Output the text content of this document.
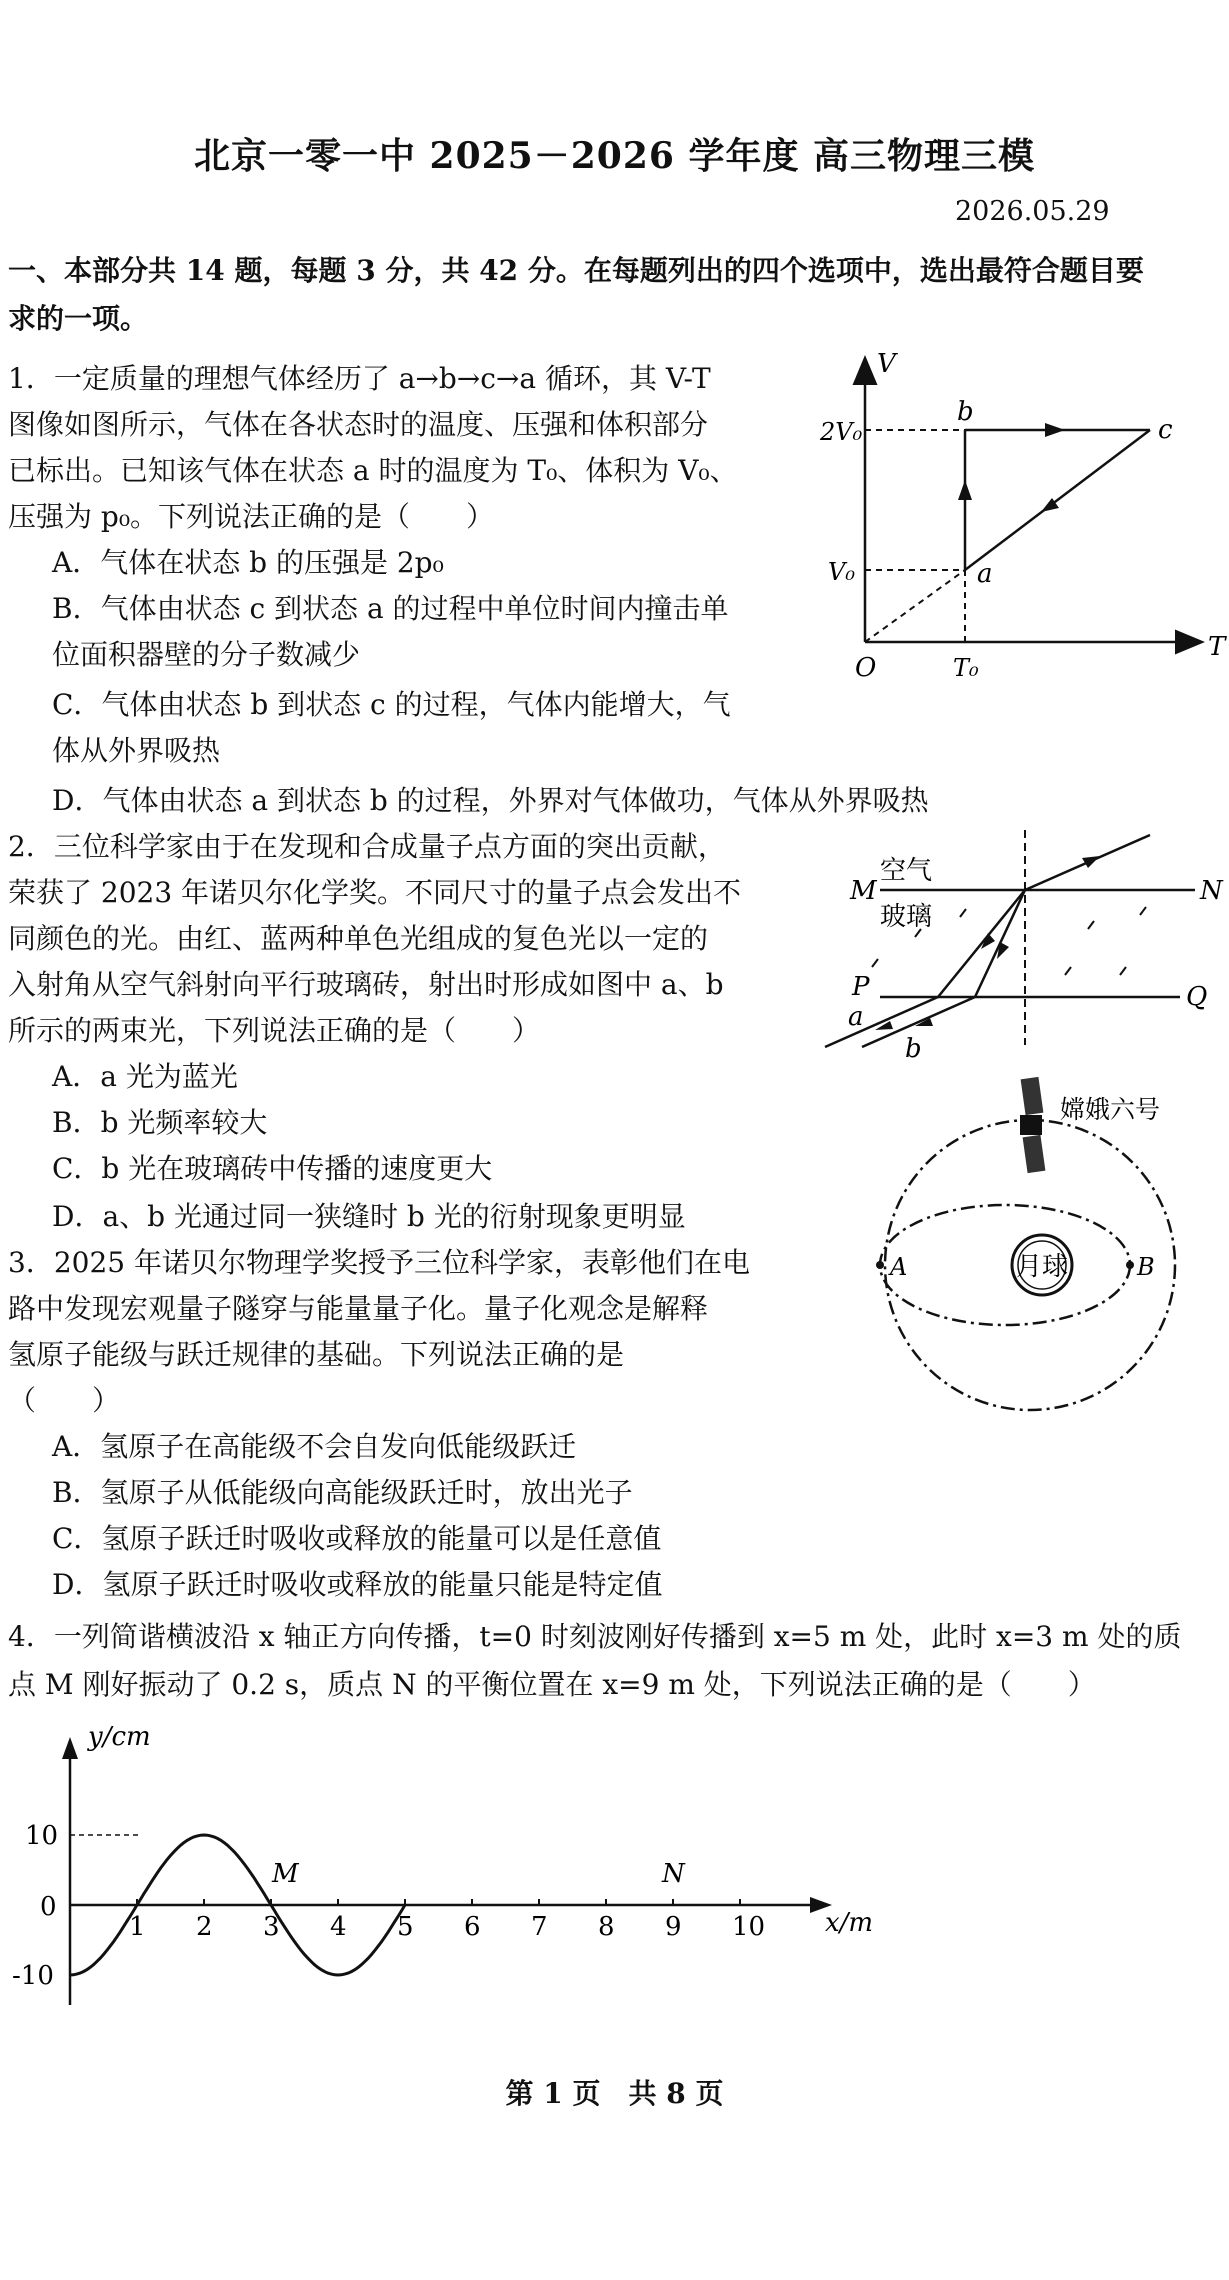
北京一零一中 2025－2026 学年度 高三物理三模
2026.05.29
一、本部分共 14 题，每题 3 分，共 42 分。在每题列出的四个选项中，选出最符合题目要
求的一项。
1．一定质量的理想气体经历了 a→b→c→a 循环，其 V-T
图像如图所示，气体在各状态时的温度、压强和体积部分
已标出。已知该气体在状态 a 时的温度为 T₀、体积为 V₀、
压强为 p₀。下列说法正确的是（　　）
A．气体在状态 b 的压强是 2p₀
B．气体由状态 c 到状态 a 的过程中单位时间内撞击单
位面积器壁的分子数减少
C．气体由状态 b 到状态 c 的过程，气体内能增大，气
体从外界吸热
D．气体由状态 a 到状态 b 的过程，外界对气体做功，气体从外界吸热
V
T
O
2V₀
V₀
T₀
a
b
c
2．三位科学家由于在发现和合成量子点方面的突出贡献，
荣获了 2023 年诺贝尔化学奖。不同尺寸的量子点会发出不
同颜色的光。由红、蓝两种单色光组成的复色光以一定的
入射角从空气斜射向平行玻璃砖，射出时形成如图中 a、b
所示的两束光，下列说法正确的是（　　）
A．a 光为蓝光
B．b 光频率较大
C．b 光在玻璃砖中传播的速度更大
D．a、b 光通过同一狭缝时 b 光的衍射现象更明显
M	N
P	Q
空气
玻璃
a
b
月球
A	B
嫦娥六号
3．2025 年诺贝尔物理学奖授予三位科学家，表彰他们在电
路中发现宏观量子隧穿与能量量子化。量子化观念是解释
氢原子能级与跃迁规律的基础。下列说法正确的是
（　　）
A．氢原子在高能级不会自发向低能级跃迁
B．氢原子从低能级向高能级跃迁时，放出光子
C．氢原子跃迁时吸收或释放的能量可以是任意值
D．氢原子跃迁时吸收或释放的能量只能是特定值
4．一列简谐横波沿 x 轴正方向传播，t=0 时刻波刚好传播到 x=5 m 处，此时 x=3 m 处的质
点 M 刚好振动了 0.2 s，质点 N 的平衡位置在 x=9 m 处，下列说法正确的是（　　）
1 2 3 4 5 6 7 8 9 10
y/cm
x/m
10
0
-10
M	N
第 1 页　共 8 页
